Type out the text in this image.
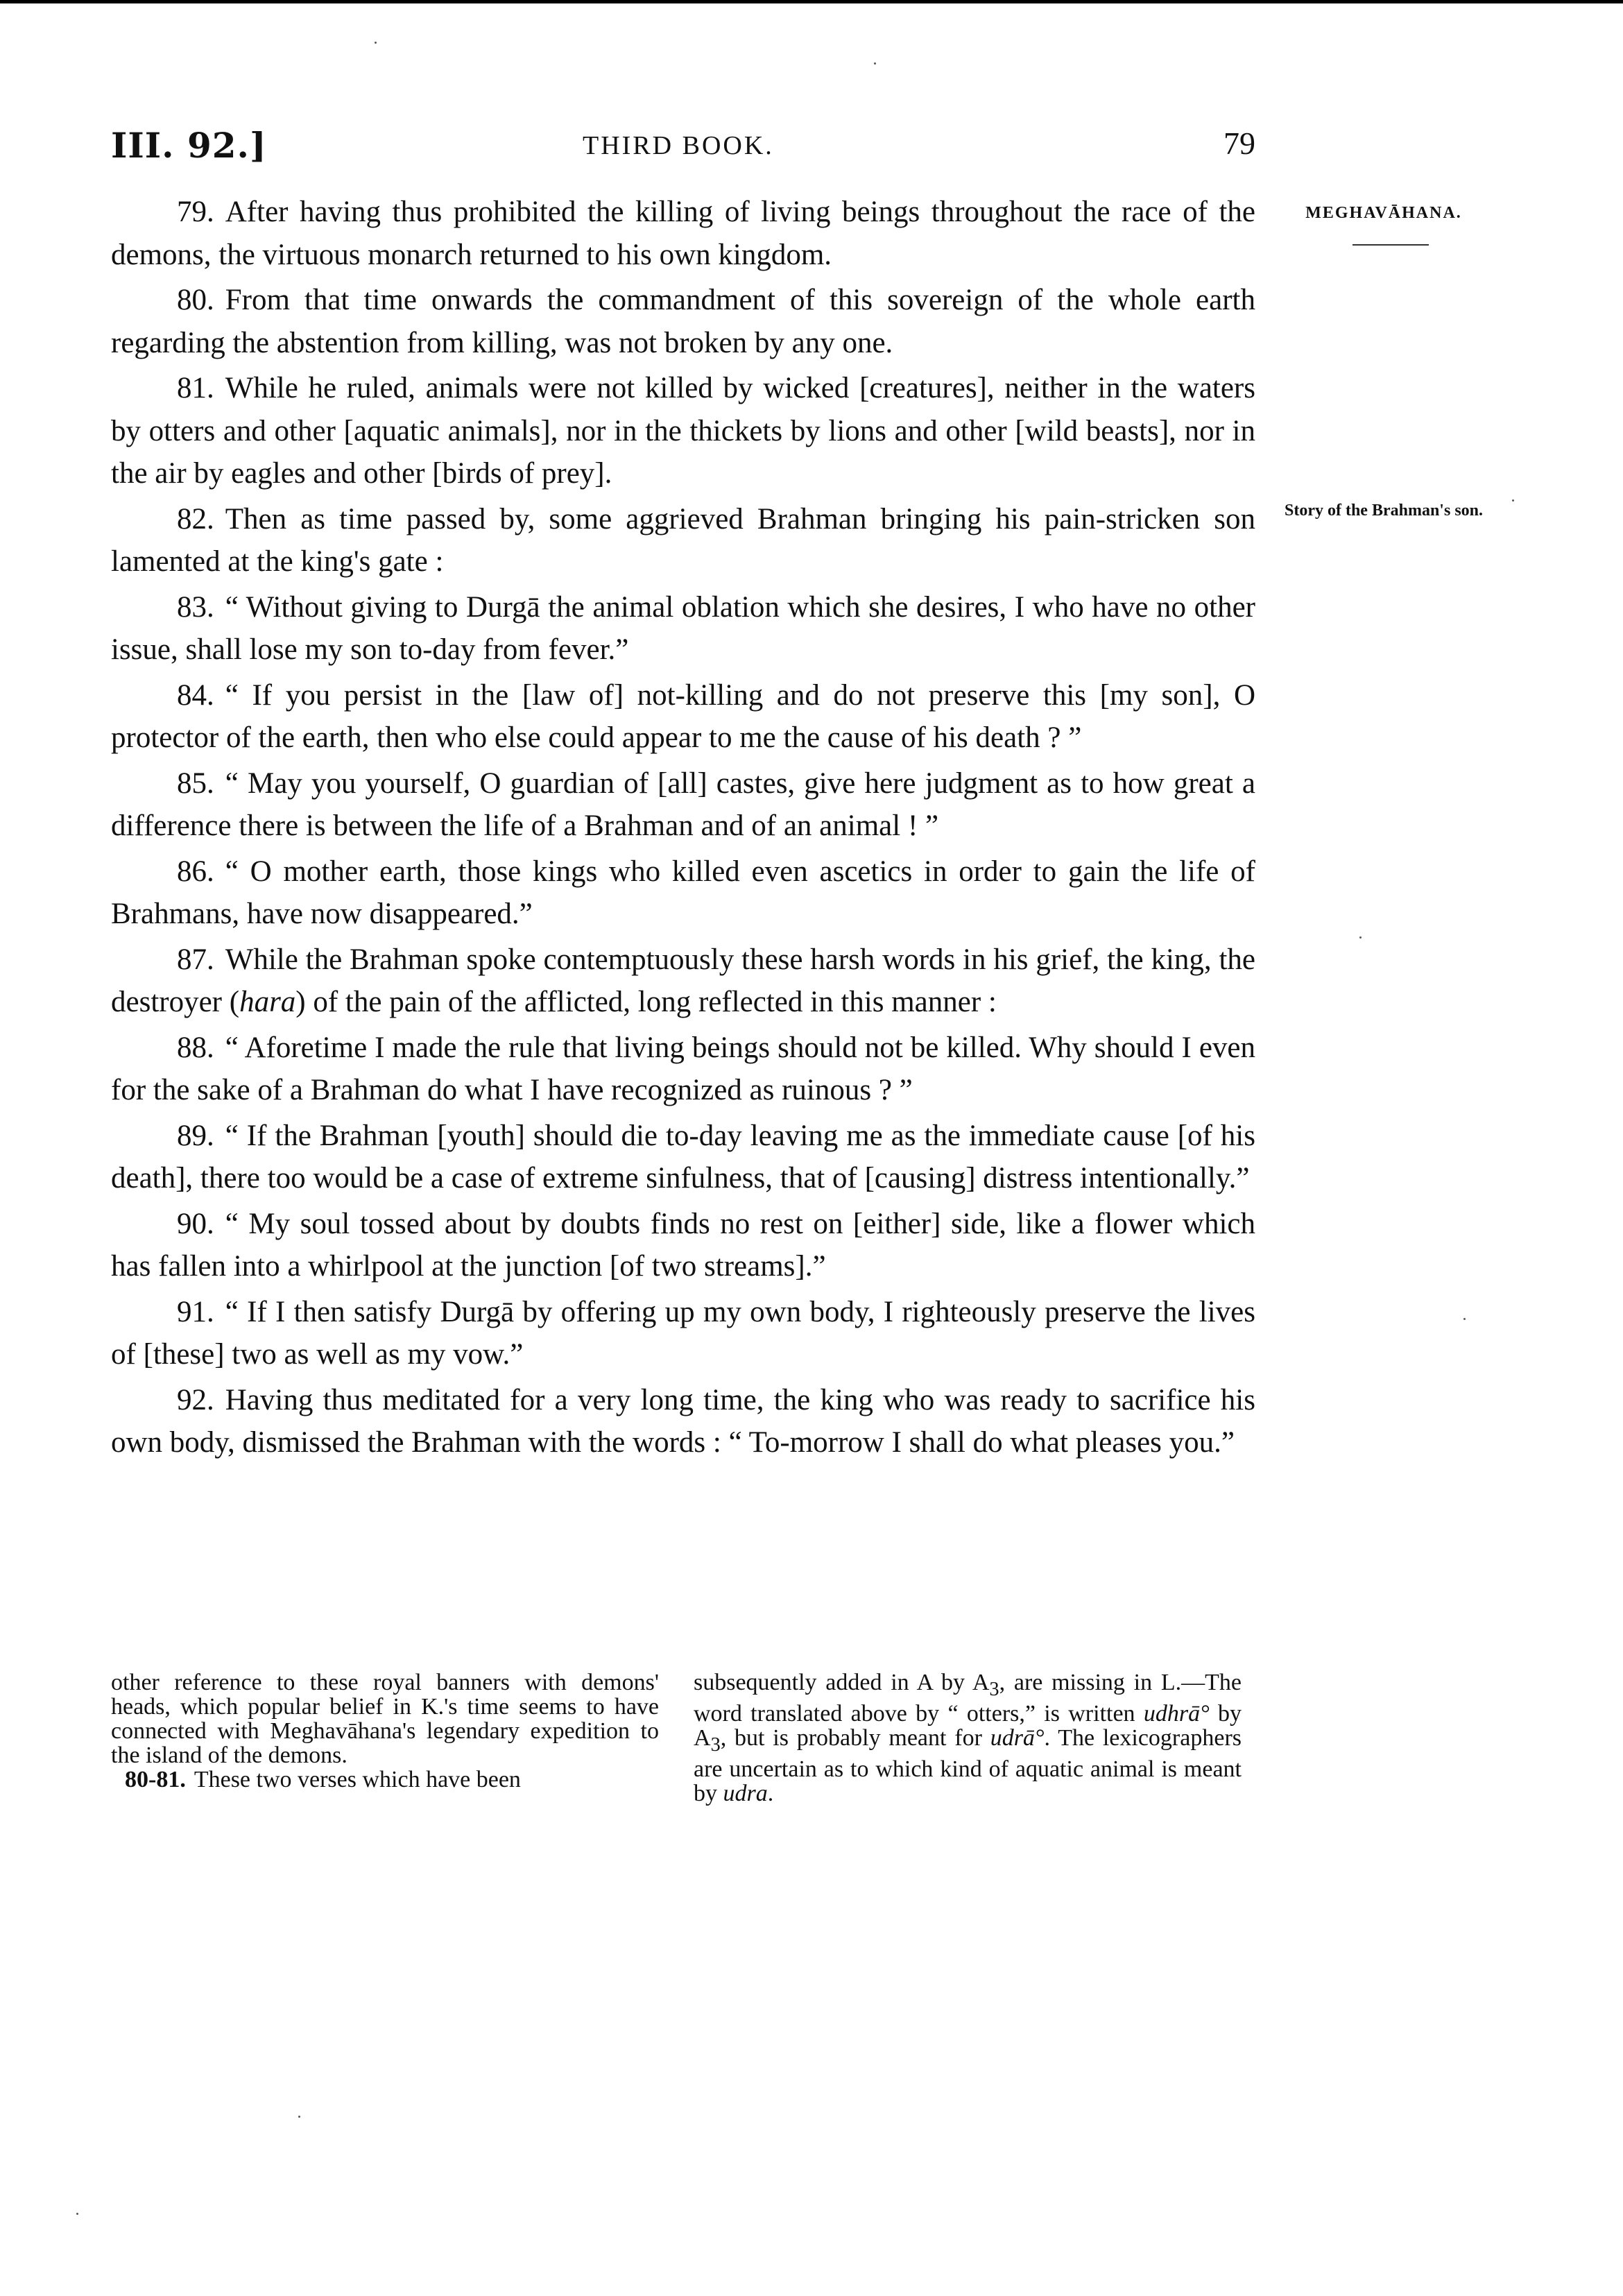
III. 92.]	THIRD BOOK.	79
MEGHAVĀHANA.
Story of the Brahman's son.

79. After having thus prohibited the killing of living beings throughout the race of the demons, the virtuous monarch returned to his own kingdom.

80. From that time onwards the commandment of this sovereign of the whole earth regarding the abstention from killing, was not broken by any one.

81. While he ruled, animals were not killed by wicked [creatures], neither in the waters by otters and other [aquatic animals], nor in the thickets by lions and other [wild beasts], nor in the air by eagles and other [birds of prey].

82. Then as time passed by, some aggrieved Brahman bringing his pain-stricken son lamented at the king's gate :

83. “ Without giving to Durgā the animal oblation which she desires, I who have no other issue, shall lose my son to-day from fever.”

84. “ If you persist in the [law of] not-killing and do not preserve this [my son], O protector of the earth, then who else could appear to me the cause of his death ? ”

85. “ May you yourself, O guardian of [all] castes, give here judgment as to how great a difference there is between the life of a Brahman and of an animal ! ”

86. “ O mother earth, those kings who killed even ascetics in order to gain the life of Brahmans, have now disappeared.”

87. While the Brahman spoke contemptuously these harsh words in his grief, the king, the destroyer (hara) of the pain of the afflicted, long reflected in this manner :

88. “ Aforetime I made the rule that living beings should not be killed. Why should I even for the sake of a Brahman do what I have recognized as ruinous ? ”

89. “ If the Brahman [youth] should die to-day leaving me as the immediate cause [of his death], there too would be a case of extreme sinfulness, that of [causing] distress intentionally.”

90. “ My soul tossed about by doubts finds no rest on [either] side, like a flower which has fallen into a whirlpool at the junction [of two streams].”

91. “ If I then satisfy Durgā by offering up my own body, I righteously preserve the lives of [these] two as well as my vow.”

92. Having thus meditated for a very long time, the king who was ready to sacrifice his own body, dismissed the Brahman with the words : “ To-morrow I shall do what pleases you.”

other reference to these royal banners with demons' heads, which popular belief in K.'s time seems to have connected with Meghavāhana's legendary expedition to the island of the demons.

80-81. These two verses which have been

subsequently added in A by $A_3$, are missing in L.—The word translated above by “ otters,” is written udhrā° by $A_3$, but is probably meant for udrā°. The lexicographers are uncertain as to which kind of aquatic animal is meant by udra.
